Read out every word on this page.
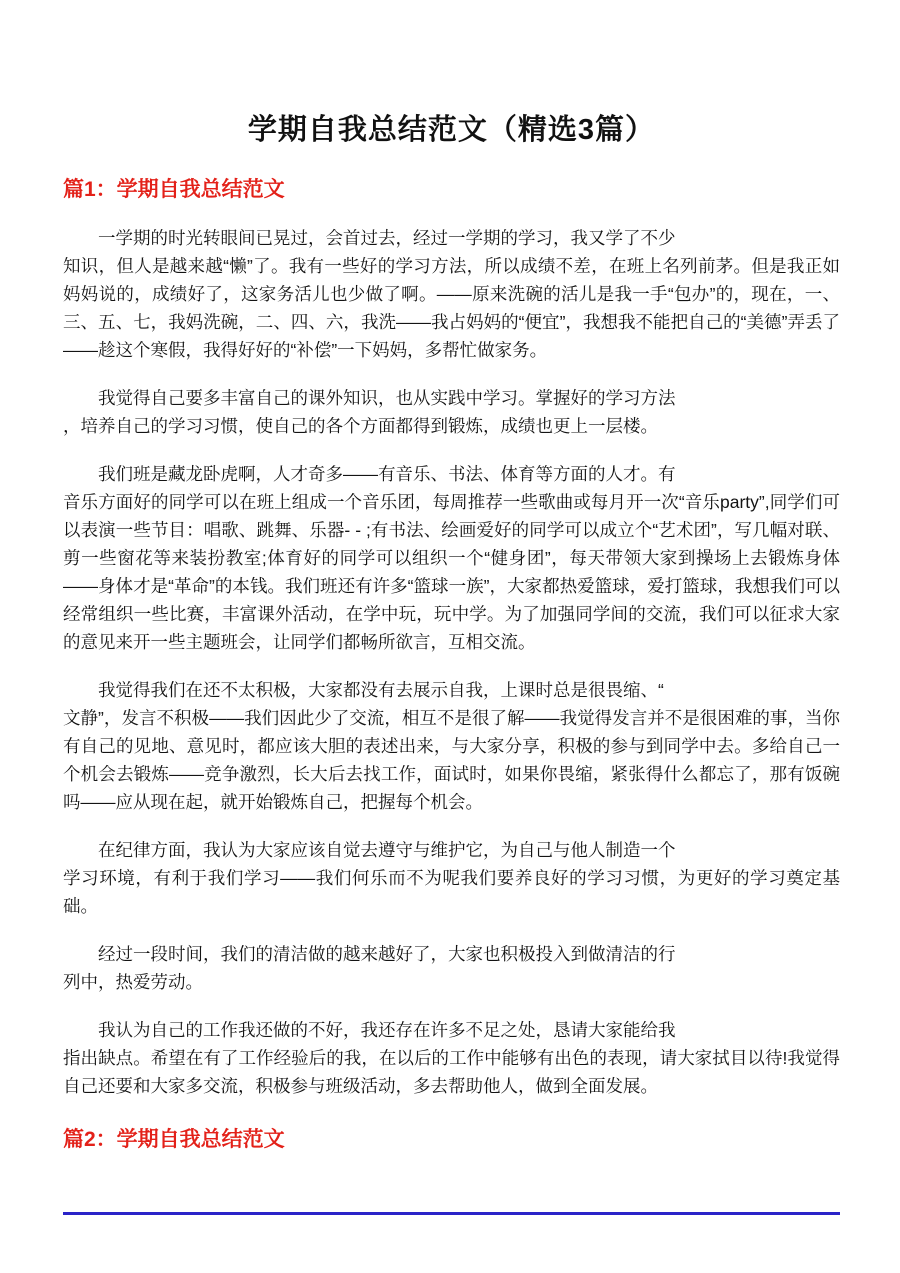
学期自我总结范文（精选3篇）
篇1：学期自我总结范文

一学期的时光转眼间已晃过，会首过去，经过一学期的学习，我又学了不少
知识，但人是越来越“懒”了。我有一些好的学习方法，所以成绩不差，在班上名列前茅。但是我正如妈妈说的，成绩好了，这家务活儿也少做了啊。——原来洗碗的活儿是我一手“包办”的，现在，一、三、五、七，我妈洗碗，二、四、六，我洗——我占妈妈的“便宜”，我想我不能把自己的“美德”弄丢了——趁这个寒假，我得好好的“补偿”一下妈妈，多帮忙做家务。

我觉得自己要多丰富自己的课外知识，也从实践中学习。掌握好的学习方法
，培养自己的学习习惯，使自己的各个方面都得到锻炼，成绩也更上一层楼。

我们班是藏龙卧虎啊，人才奇多——有音乐、书法、体育等方面的人才。有
音乐方面好的同学可以在班上组成一个音乐团，每周推荐一些歌曲或每月开一次“音乐party”,同学们可以表演一些节目：唱歌、跳舞、乐器- - ;有书法、绘画爱好的同学可以成立个“艺术团”，写几幅对联、剪一些窗花等来装扮教室;体育好的同学可以组织一个“健身团”，每天带领大家到操场上去锻炼身体——身体才是“革命”的本钱。我们班还有许多“篮球一族”，大家都热爱篮球，爱打篮球，我想我们可以经常组织一些比赛，丰富课外活动，在学中玩，玩中学。为了加强同学间的交流，我们可以征求大家的意见来开一些主题班会，让同学们都畅所欲言，互相交流。

我觉得我们在还不太积极，大家都没有去展示自我，上课时总是很畏缩、“
文静”，发言不积极——我们因此少了交流，相互不是很了解——我觉得发言并不是很困难的事，当你有自己的见地、意见时，都应该大胆的表述出来，与大家分享，积极的参与到同学中去。多给自己一个机会去锻炼——竞争激烈，长大后去找工作，面试时，如果你畏缩，紧张得什么都忘了，那有饭碗吗——应从现在起，就开始锻炼自己，把握每个机会。

在纪律方面，我认为大家应该自觉去遵守与维护它，为自己与他人制造一个
学习环境，有利于我们学习——我们何乐而不为呢我们要养良好的学习习惯，为更好的学习奠定基础。

经过一段时间，我们的清洁做的越来越好了，大家也积极投入到做清洁的行
列中，热爱劳动。

我认为自己的工作我还做的不好，我还存在许多不足之处，恳请大家能给我
指出缺点。希望在有了工作经验后的我，在以后的工作中能够有出色的表现，请大家拭目以待!我觉得自己还要和大家多交流，积极参与班级活动，多去帮助他人，做到全面发展。

篇2：学期自我总结范文
